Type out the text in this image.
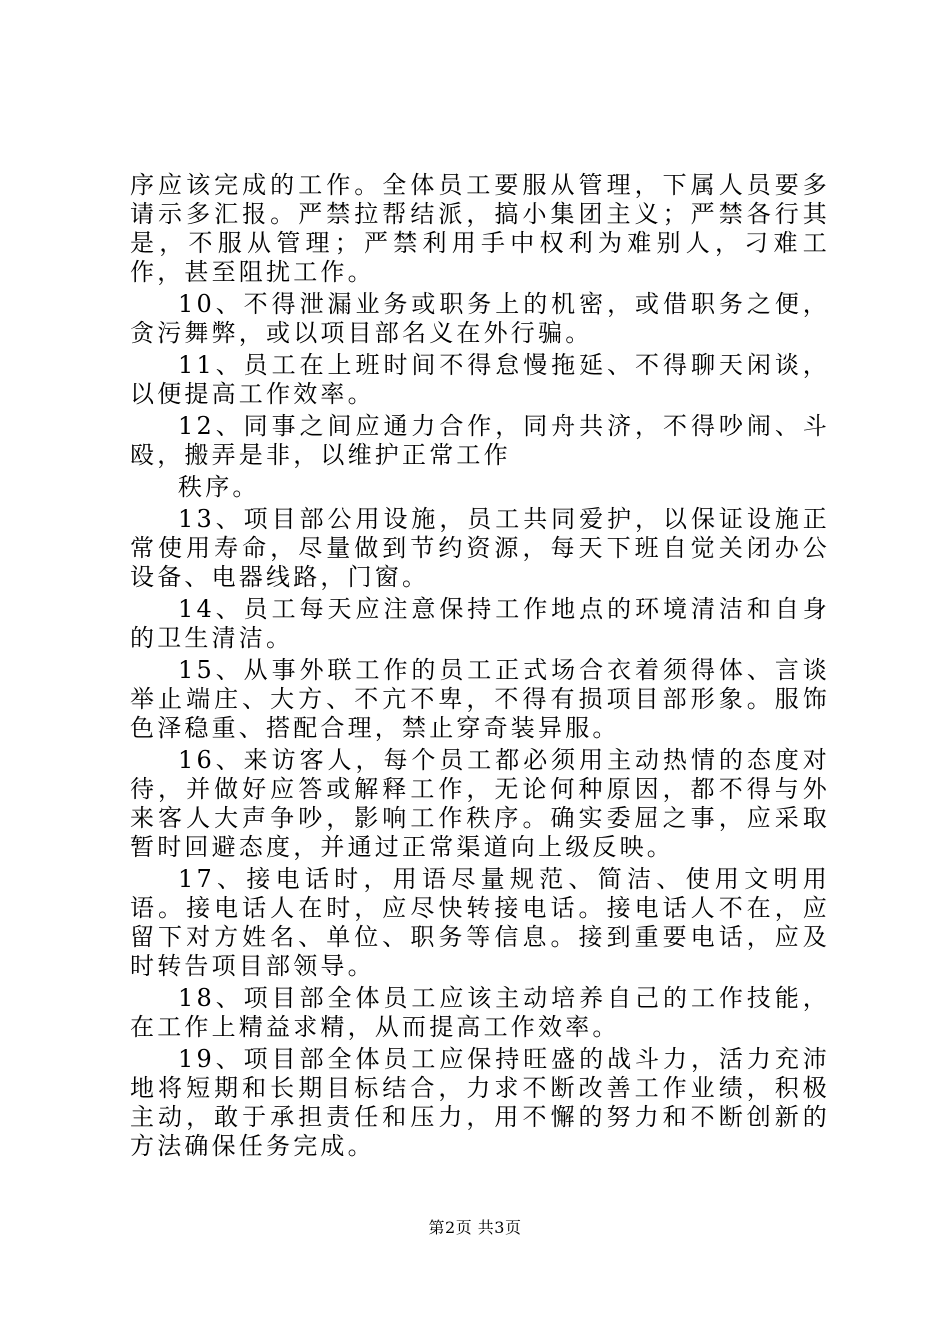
序应该完成的工作。全体员工要服从管理，下属人员要多请示多汇报。严禁拉帮结派，搞小集团主义；严禁各行其是，不服从管理；严禁利用手中权利为难别人，刁难工作，甚至阻扰工作。

10、不得泄漏业务或职务上的机密，或借职务之便，贪污舞弊，或以项目部名义在外行骗。

11、员工在上班时间不得怠慢拖延、不得聊天闲谈，以便提高工作效率。

12、同事之间应通力合作，同舟共济，不得吵闹、斗殴，搬弄是非，以维护正常工作

秩序。

13、项目部公用设施，员工共同爱护，以保证设施正常使用寿命，尽量做到节约资源，每天下班自觉关闭办公设备、电器线路，门窗。

14、员工每天应注意保持工作地点的环境清洁和自身的卫生清洁。

15、从事外联工作的员工正式场合衣着须得体、言谈举止端庄、大方、不亢不卑，不得有损项目部形象。服饰色泽稳重、搭配合理，禁止穿奇装异服。

16、来访客人，每个员工都必须用主动热情的态度对待，并做好应答或解释工作，无论何种原因，都不得与外来客人大声争吵，影响工作秩序。确实委屈之事，应采取暂时回避态度，并通过正常渠道向上级反映。

17、接电话时，用语尽量规范、简洁、使用文明用语。接电话人在时，应尽快转接电话。接电话人不在，应留下对方姓名、单位、职务等信息。接到重要电话，应及时转告项目部领导。

18、项目部全体员工应该主动培养自己的工作技能，在工作上精益求精，从而提高工作效率。

19、项目部全体员工应保持旺盛的战斗力，活力充沛地将短期和长期目标结合，力求不断改善工作业绩，积极主动，敢于承担责任和压力，用不懈的努力和不断创新的方法确保任务完成。

第2页 共3页
